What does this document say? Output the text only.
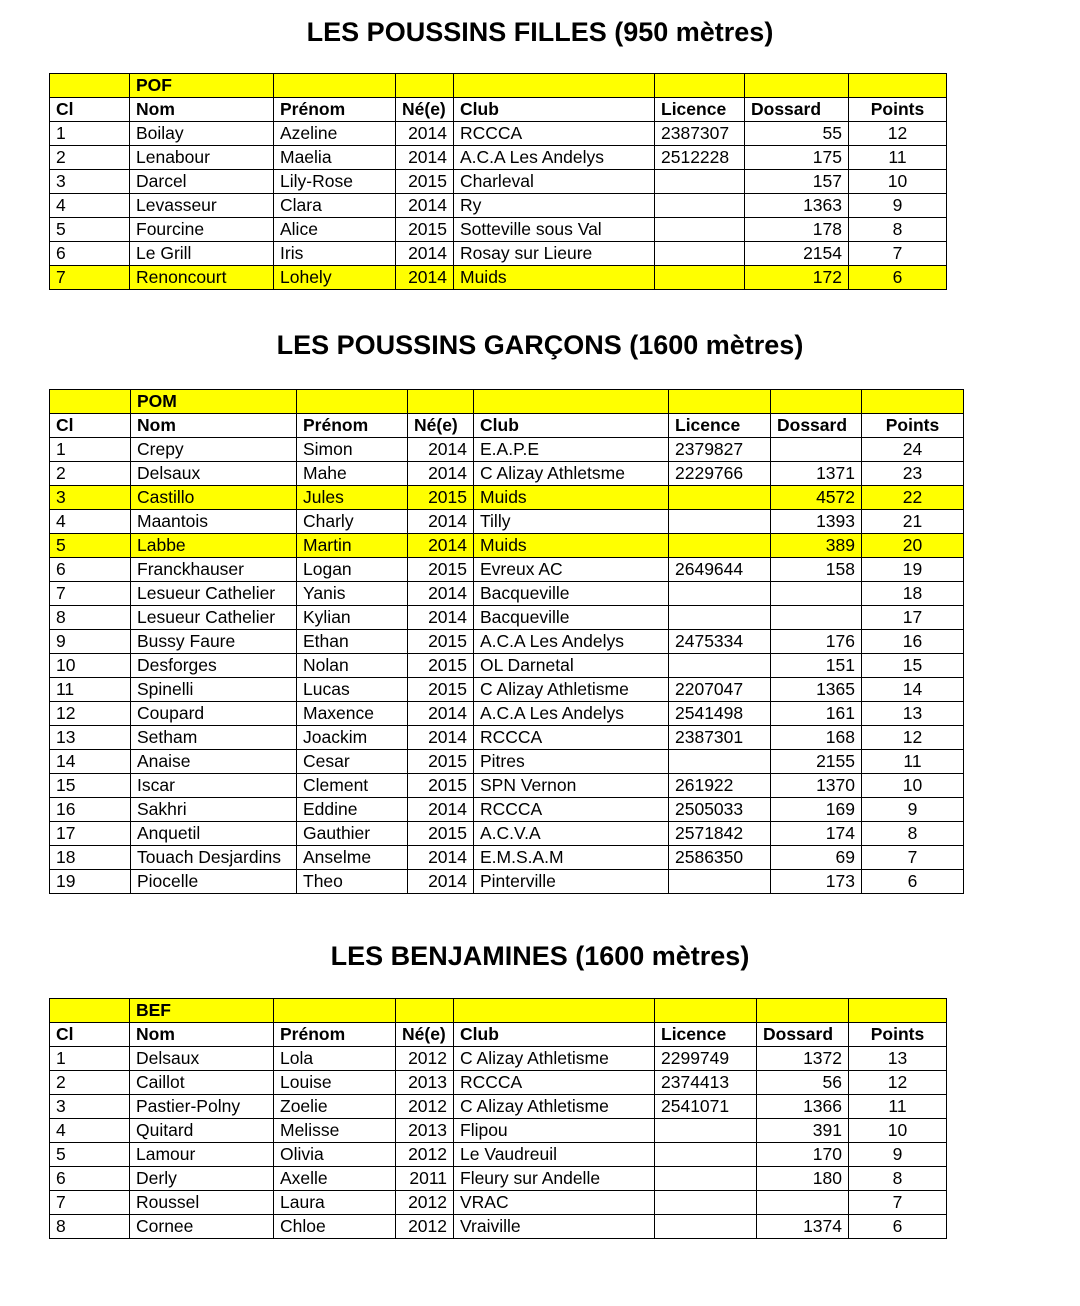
LES POUSSINS FILLES (950 mètres)
	POF						
Cl	Nom	Prénom	Né(e)	Club	Licence	Dossard	Points
1	Boilay	Azeline	2014	RCCCA	2387307	55	12
2	Lenabour	Maelia	2014	A.C.A Les Andelys	2512228	175	11
3	Darcel	Lily-Rose	2015	Charleval		157	10
4	Levasseur	Clara	2014	Ry		1363	9
5	Fourcine	Alice	2015	Sotteville sous Val		178	8
6	Le Grill	Iris	2014	Rosay sur Lieure		2154	7
7	Renoncourt	Lohely	2014	Muids		172	6
LES POUSSINS GARÇONS (1600 mètres)
	POM						
Cl	Nom	Prénom	Né(e)	Club	Licence	Dossard	Points
1	Crepy	Simon	2014	E.A.P.E	2379827		24
2	Delsaux	Mahe	2014	C Alizay Athletsme	2229766	1371	23
3	Castillo	Jules	2015	Muids		4572	22
4	Maantois	Charly	2014	Tilly		1393	21
5	Labbe	Martin	2014	Muids		389	20
6	Franckhauser	Logan	2015	Evreux AC	2649644	158	19
7	Lesueur Cathelier	Yanis	2014	Bacqueville			18
8	Lesueur Cathelier	Kylian	2014	Bacqueville			17
9	Bussy Faure	Ethan	2015	A.C.A Les Andelys	2475334	176	16
10	Desforges	Nolan	2015	OL Darnetal		151	15
11	Spinelli	Lucas	2015	C Alizay Athletisme	2207047	1365	14
12	Coupard	Maxence	2014	A.C.A Les Andelys	2541498	161	13
13	Setham	Joackim	2014	RCCCA	2387301	168	12
14	Anaise	Cesar	2015	Pitres		2155	11
15	Iscar	Clement	2015	SPN Vernon	261922	1370	10
16	Sakhri	Eddine	2014	RCCCA	2505033	169	9
17	Anquetil	Gauthier	2015	A.C.V.A	2571842	174	8
18	Touach Desjardins	Anselme	2014	E.M.S.A.M	2586350	69	7
19	Piocelle	Theo	2014	Pinterville		173	6
LES BENJAMINES (1600 mètres)
	BEF						
Cl	Nom	Prénom	Né(e)	Club	Licence	Dossard	Points
1	Delsaux	Lola	2012	C Alizay Athletisme	2299749	1372	13
2	Caillot	Louise	2013	RCCCA	2374413	56	12
3	Pastier-Polny	Zoelie	2012	C Alizay Athletisme	2541071	1366	11
4	Quitard	Melisse	2013	Flipou		391	10
5	Lamour	Olivia	2012	Le Vaudreuil		170	9
6	Derly	Axelle	2011	Fleury sur Andelle		180	8
7	Roussel	Laura	2012	VRAC			7
8	Cornee	Chloe	2012	Vraiville		1374	6
